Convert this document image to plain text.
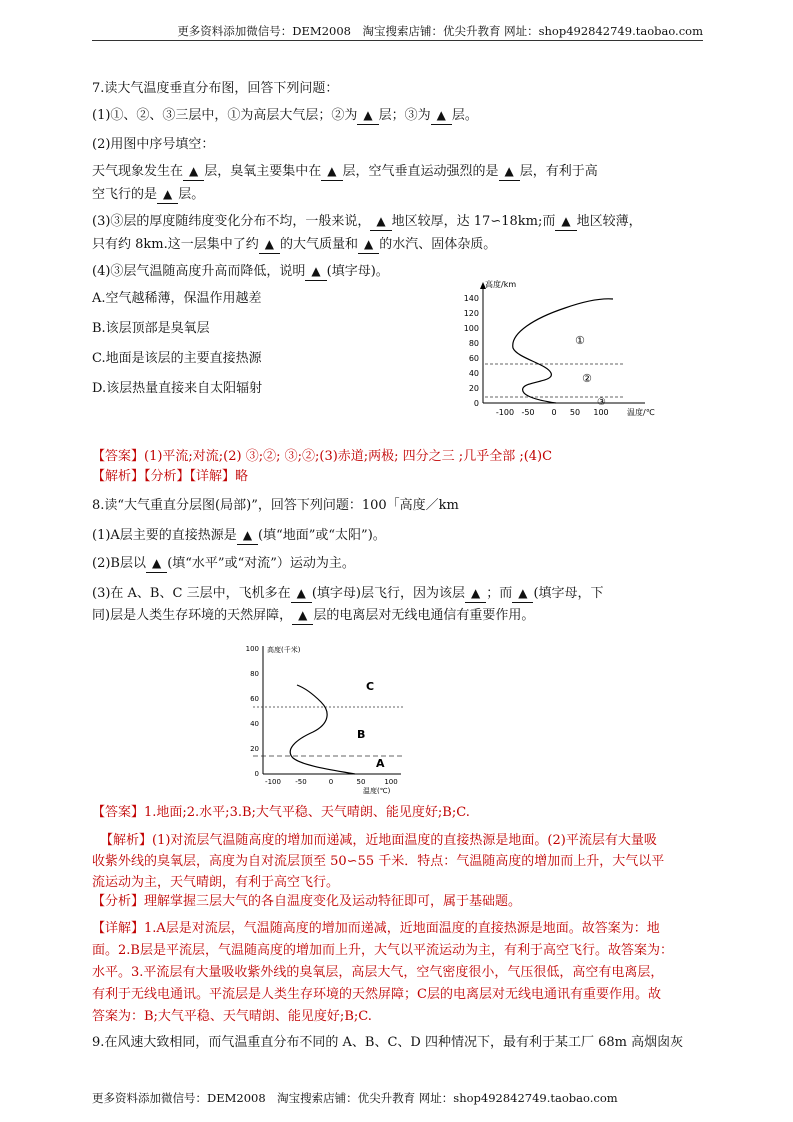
更多资料添加微信号：DEM2008　淘宝搜索店铺：优尖升教育 网址：shop492842749.taobao.com
7.读大气温度垂直分布图，回答下列问题：
(1)①、②、③三层中，①为高层大气层；②为 ▲ 层；③为 ▲ 层。
(2)用图中序号填空：
天气现象发生在 ▲ 层，臭氧主要集中在 ▲ 层，空气垂直运动强烈的是 ▲ 层，有利于高
空飞行的是 ▲ 层。
(3)③层的厚度随纬度变化分布不均，一般来说， ▲ 地区较厚，达 17∽18km;而 ▲ 地区较薄，
只有约 8km.这一层集中了约 ▲ 的大气质量和 ▲ 的水汽、固体杂质。
(4)③层气温随高度升高而降低，说明 ▲ (填字母)。
A.空气越稀薄，保温作用越差
B.该层顶部是臭氧层
C.地面是该层的主要直接热源
D.该层热量直接来自太阳辐射
高度/km
0
20
40
60
80
100
120
140
-100 -50 0 50 100 温度/℃
①
②
③
【答案】(1)平流;对流;(2) ③;②; ③;②;(3)赤道;两极; 四分之三 ;几乎全部 ;(4)C
【解析】【分析】【详解】略
8.读“大气重直分层图(局部)”，回答下列问题：100「高度／km
(1)A层主要的直接热源是 ▲ (填“地面”或“太阳”)。
(2)B层以 ▲ (填“水平”或“对流”）运动为主。
(3)在 A、B、C 三层中，飞机多在 ▲ (填字母)层飞行，因为该层 ▲ ；而 ▲ (填字母，下
同)层是人类生存环境的天然屏障， ▲ 层的电离层对无线电通信有重要作用。
高度(千米)
0
20
40
60
80
100
-100 -50	0	50	100
温度(℃)
C
B
A
【答案】1.地面;2.水平;3.B;大气平稳、天气晴朗、能见度好;B;C.
【解析】(1)对流层气温随高度的增加而递减，近地面温度的直接热源是地面。(2)平流层有大量吸
收紫外线的臭氧层，高度为自对流层顶至 50∽55 千米．特点：气温随高度的增加而上升，大气以平
流运动为主，天气晴朗，有利于高空飞行。
【分析】理解掌握三层大气的各自温度变化及运动特征即可，属于基础题。
【详解】1.A层是对流层，气温随高度的增加而递减，近地面温度的直接热源是地面。故答案为：地
面。2.B层是平流层，气温随高度的增加而上升，大气以平流运动为主，有利于高空飞行。故答案为：
水平。3.平流层有大量吸收紫外线的臭氧层，高层大气，空气密度很小，气压很低，高空有电离层，
有利于无线电通讯。平流层是人类生存环境的天然屏障；C层的电离层对无线电通讯有重要作用。故
答案为：B;大气平稳、天气晴朗、能见度好;B;C.
9.在风速大致相同，而气温重直分布不同的 A、B、C、D 四种情况下，最有利于某工厂 68m 高烟囱灰
更多资料添加微信号：DEM2008　淘宝搜索店铺：优尖升教育 网址：shop492842749.taobao.com
